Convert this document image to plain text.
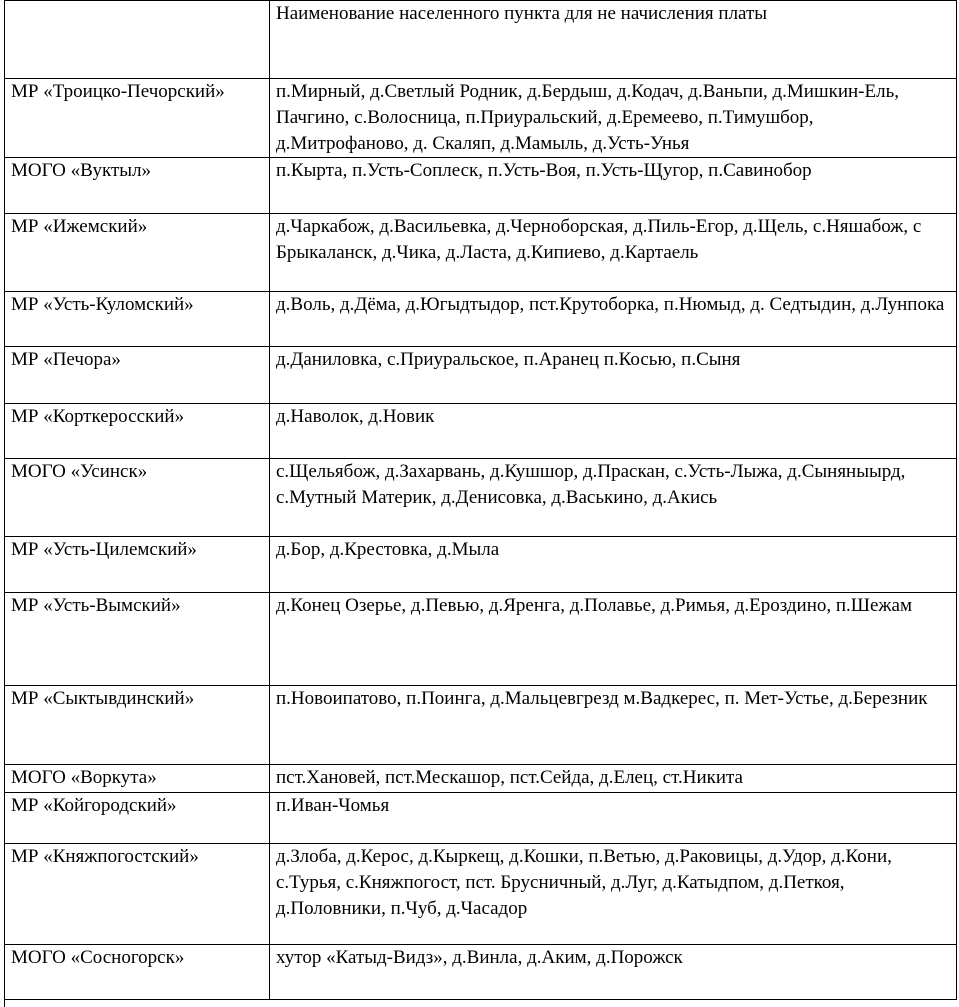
	Наименование населенного пункта для не начисления платы
МР «Троицко-Печорский»	п.Мирный, д.Светлый Родник, д.Бердыш, д.Кодач, д.Ваньпи, д.Мишкин-Ель, Пачгино, с.Волосница, п.Приуральский, д.Еремеево, п.Тимушбор, д.Митрофаново, д. Скаляп, д.Мамыль, д.Усть-Унья
МОГО «Вуктыл»	п.Кырта, п.Усть-Соплеск, п.Усть-Воя, п.Усть-Щугор, п.Савинобор
МР «Ижемский»	д.Чаркабож, д.Васильевка, д.Черноборская, д.Пиль-Егор, д.Щель, с.Няшабож, с Брыкаланск, д.Чика, д.Ласта, д.Кипиево, д.Картаель
МР «Усть-Куломский»	д.Воль, д.Дёма, д.Югыдтыдор, пст.Крутоборка, п.Нюмыд, д. Седтыдин, д.Лунпока
МР «Печора»	д.Даниловка, с.Приуральское, п.Аранец п.Косью, п.Сыня
МР «Корткеросский»	д.Наволок, д.Новик
МОГО «Усинск»	с.Щельябож, д.Захарвань, д.Кушшор, д.Праскан, с.Усть-Лыжа, д.Сыняныырд, с.Мутный Материк, д.Денисовка, д.Васькино, д.Акись
МР «Усть-Цилемский»	д.Бор, д.Крестовка, д.Мыла
МР «Усть-Вымский»	д.Конец Озерье, д.Певью, д.Яренга, д.Полавье, д.Римья, д.Ероздино, п.Шежам
МР «Сыктывдинский»	п.Новоипатово, п.Поинга, д.Мальцевгрезд м.Вадкерес, п. Мет-Устье, д.Березник
МОГО «Воркута»	пст.Хановей, пст.Мескашор, пст.Сейда, д.Елец, ст.Никита
МР «Койгородский»	п.Иван-Чомья
МР «Княжпогостский»	д.Злоба, д.Керос, д.Кыркещ, д.Кошки, п.Ветью, д.Раковицы, д.Удор, д.Кони, с.Турья, с.Княжпогост, пст. Брусничный, д.Луг, д.Катыдпом, д.Петкоя, д.Половники, п.Чуб, д.Часадор
МОГО «Сосногорск»	хутор «Катыд-Видз», д.Винла, д.Аким, д.Порожск
